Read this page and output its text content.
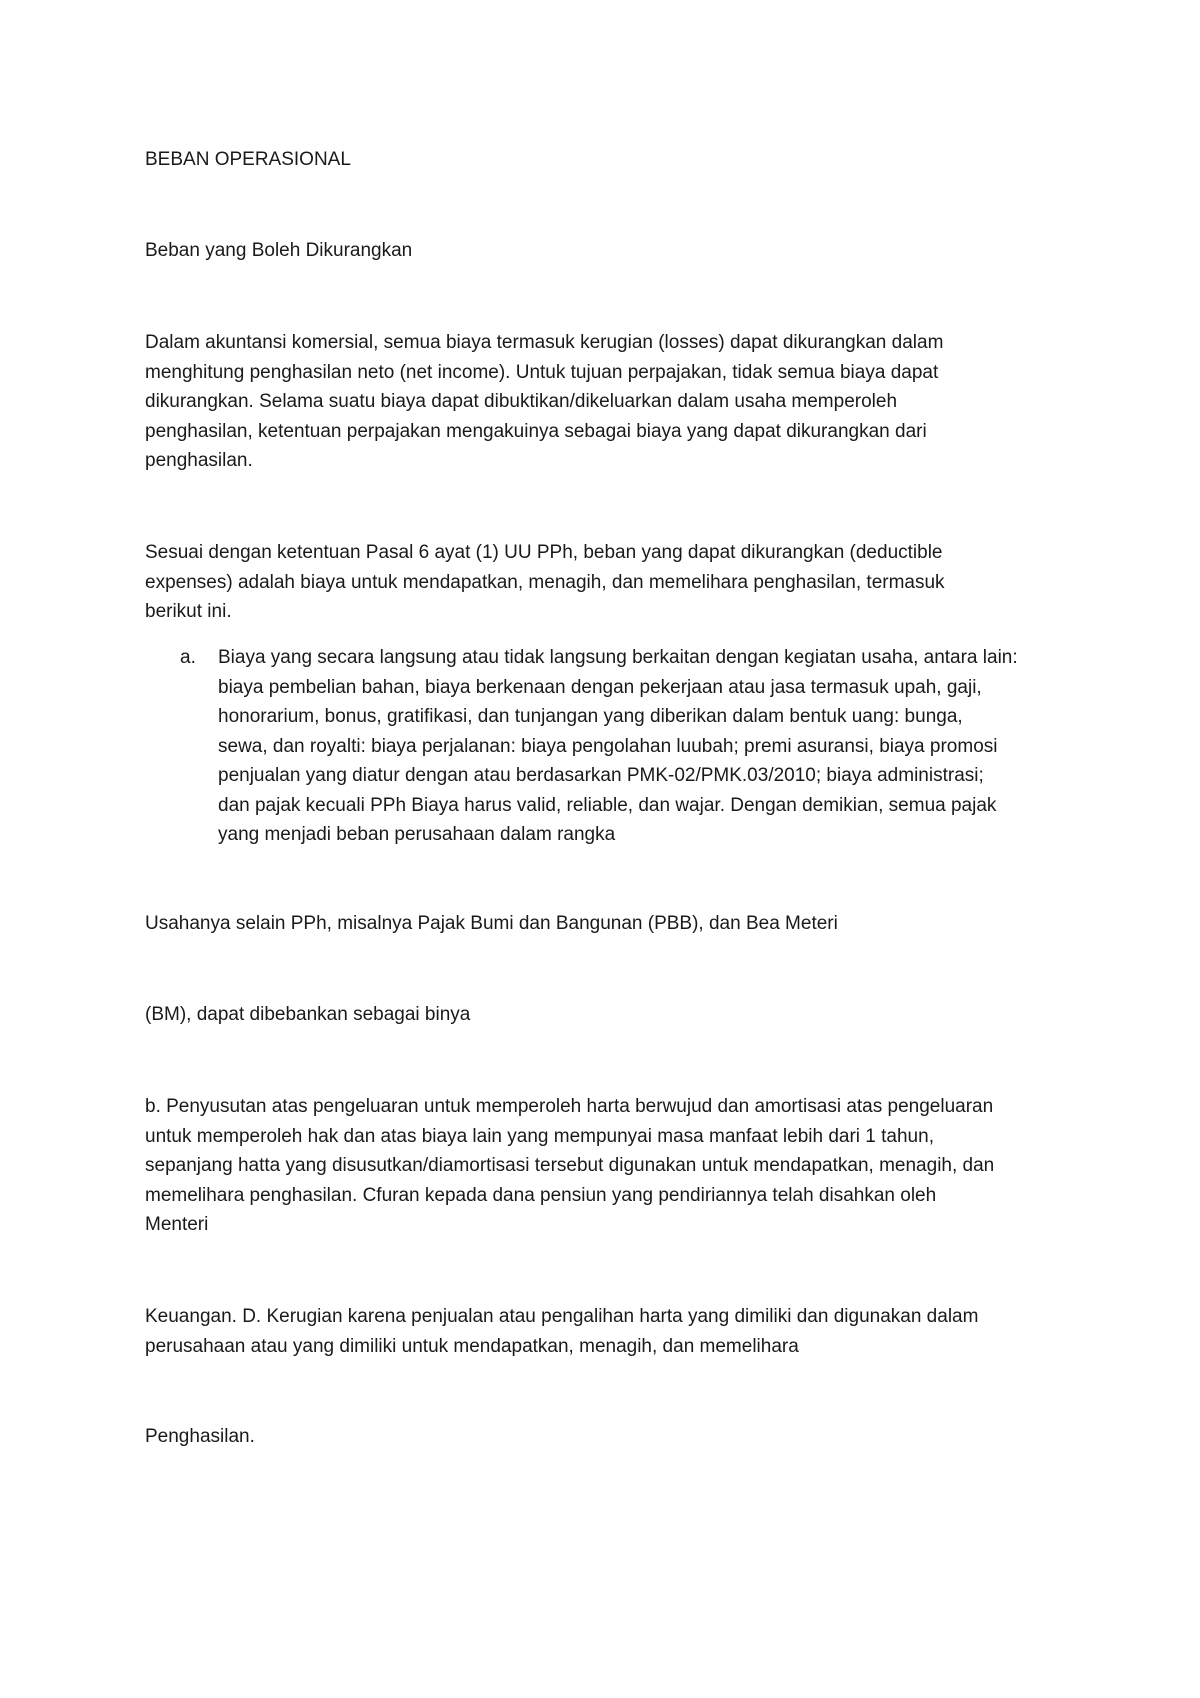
BEBAN OPERASIONAL

Beban yang Boleh Dikurangkan

Dalam akuntansi komersial, semua biaya termasuk kerugian (losses) dapat dikurangkan dalam
menghitung penghasilan neto (net income). Untuk tujuan perpajakan, tidak semua biaya dapat
dikurangkan. Selama suatu biaya dapat dibuktikan/dikeluarkan dalam usaha memperoleh
penghasilan, ketentuan perpajakan mengakuinya sebagai biaya yang dapat dikurangkan dari
penghasilan.

Sesuai dengan ketentuan Pasal 6 ayat (1) UU PPh, beban yang dapat dikurangkan (deductible
expenses) adalah biaya untuk mendapatkan, menagih, dan memelihara penghasilan, termasuk
berikut ini.

a. Biaya yang secara langsung atau tidak langsung berkaitan dengan kegiatan usaha, antara lain:
biaya pembelian bahan, biaya berkenaan dengan pekerjaan atau jasa termasuk upah, gaji,
honorarium, bonus, gratifikasi, dan tunjangan yang diberikan dalam bentuk uang: bunga,
sewa, dan royalti: biaya perjalanan: biaya pengolahan luubah; premi asuransi, biaya promosi
penjualan yang diatur dengan atau berdasarkan PMK-02/PMK.03/2010; biaya administrasi;
dan pajak kecuali PPh Biaya harus valid, reliable, dan wajar. Dengan demikian, semua pajak
yang menjadi beban perusahaan dalam rangka

Usahanya selain PPh, misalnya Pajak Bumi dan Bangunan (PBB), dan Bea Meteri

(BM), dapat dibebankan sebagai binya

b. Penyusutan atas pengeluaran untuk memperoleh harta berwujud dan amortisasi atas pengeluaran
untuk memperoleh hak dan atas biaya lain yang mempunyai masa manfaat lebih dari 1 tahun,
sepanjang hatta yang disusutkan/diamortisasi tersebut digunakan untuk mendapatkan, menagih, dan
memelihara penghasilan. Cfuran kepada dana pensiun yang pendiriannya telah disahkan oleh
Menteri

Keuangan. D. Kerugian karena penjualan atau pengalihan harta yang dimiliki dan digunakan dalam
perusahaan atau yang dimiliki untuk mendapatkan, menagih, dan memelihara

Penghasilan.
